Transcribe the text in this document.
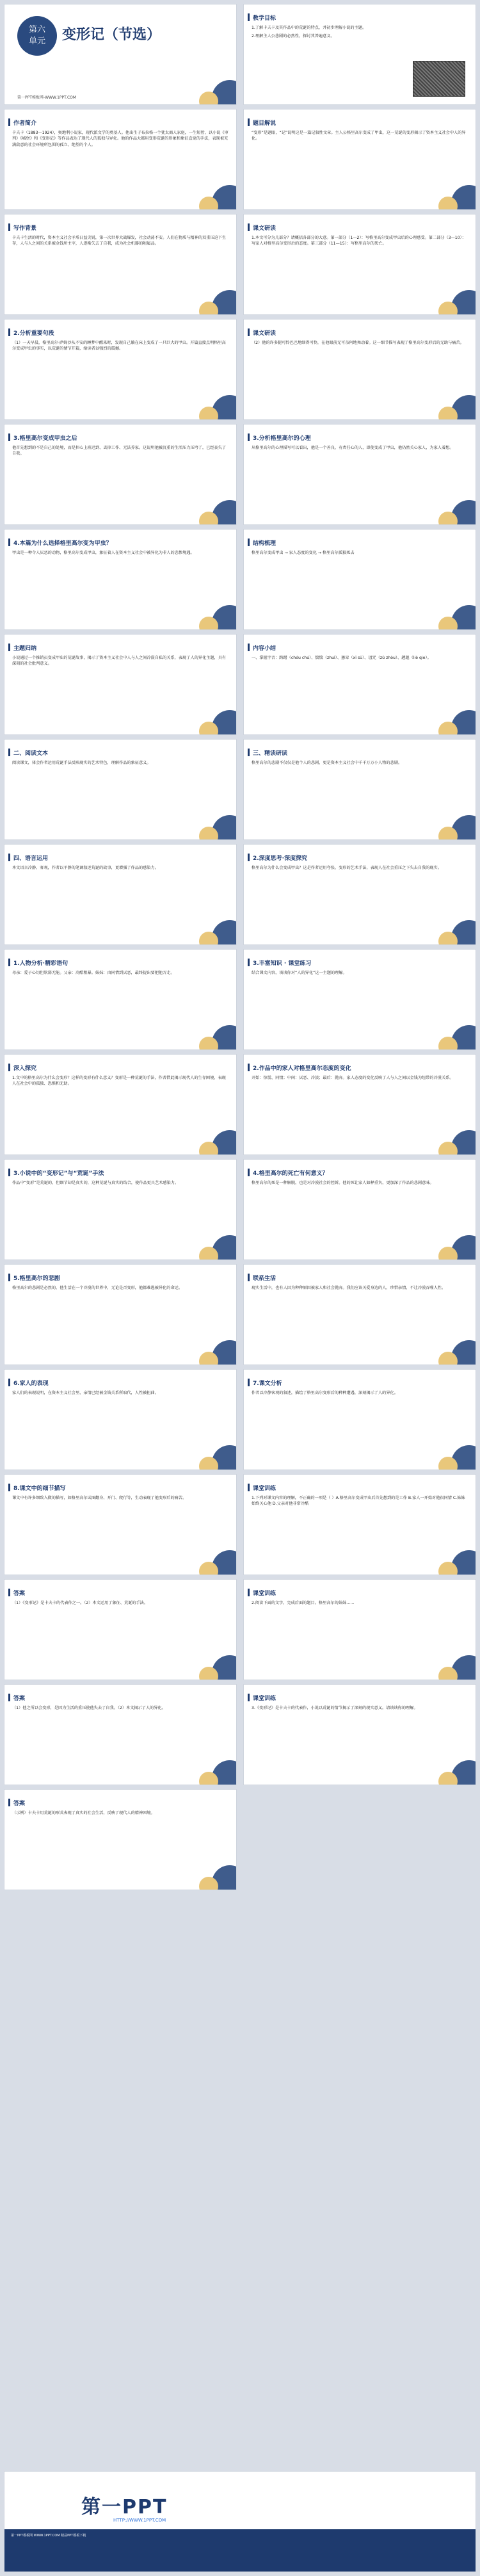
第六
单元	变形记（节选）
第一PPT模板网-WWW.1PPT.COM
教学目标

1.了解卡夫卡及其作品中的荒诞的特点，并初步理解小说的主题。

2.理解主人公悲剧的必然性，探讨其普遍意义。

作者简介

卡夫卡（1883—1924），奥地利小说家，现代派文学的奠基人。他出生于布拉格一个犹太商人家庭，一生短暂，以小说《审判》《城堡》和《变形记》等作品表达了现代人的孤独与异化。他的作品大都用变形荒诞的形象和象征直觉的手法，表现被充满敌意的社会环境所包围的孤立、绝望的个人。

题目解说

“变形”是题眼，“记”说明这是一篇记叙性文章。主人公格里高尔变成了甲虫，这一荒诞的变形揭示了资本主义社会中人的异化。

写作背景

卡夫卡生活的时代，资本主义社会矛盾日益尖锐，第一次世界大战爆发，社会动荡不安。人们在物质与精神的双重压迫下生存，人与人之间的关系被金钱所主宰，人逐渐失去了自我，成为社会机器的附属品。

课文研读

1.本文可分为几部分？请概括各部分的大意。第一部分（1—2）：写格里高尔变成甲虫后的心理感受。第二部分（3—10）：写家人对格里高尔变形后的态度。第三部分（11—15）：写格里高尔的死亡。

2.分析重要句段

（1）一天早晨，格里高尔·萨姆沙从不安的睡梦中醒来时，发现自己躺在床上变成了一只巨大的甲虫。开篇直接点明格里高尔变成甲虫的事实，以荒诞的情节开篇，给读者以强烈的震撼。

课文研读

（2）他的许多腿可怜巴巴地细得可怜，在他眼前无可奈何地舞动着。这一细节描写表现了格里高尔变形后的无助与痛苦。

3.格里高尔变成甲虫之后

他首先想到的不是自己的处境，而是担心上班迟到、丢掉工作、无法养家。这说明他被沉重的生活压力压垮了，已经丧失了自我。

3.分析格里高尔的心理

从格里高尔的心理描写可以看出，他是一个善良、有责任心的人，即使变成了甲虫，他仍然关心家人，为家人着想。

4.本篇为什么选择格里高尔变为甲虫？

甲虫是一种令人厌恶的动物，格里高尔变成甲虫，象征着人在资本主义社会中被异化为非人的悲惨境遇。

结构梳理

格里高尔变成甲虫 → 家人态度的变化 → 格里高尔孤独死去

主题归纳

小说通过一个推销员变成甲虫的荒诞故事，揭示了资本主义社会中人与人之间冷漠自私的关系，表现了人的异化主题，具有深刻的社会批判意义。

内容小结

一、掌握字音：踌躇（chóu chú）、惴惴（zhuì）、窸窣（xī sū）、诅咒（zǔ zhòu）、趔趄（liè qie）。

二、阅读文本

阅读课文，体会作者运用荒诞手法反映现实的艺术特色，理解作品的象征意义。

三、精读研读

格里高尔的悲剧不仅仅是他个人的悲剧，更是资本主义社会中千千万万小人物的悲剧。

四、语言运用

本文语言冷静、客观，作者以平静的笔调叙述荒诞的故事，更增强了作品的感染力。

2.深度思考·深度探究

格里高尔为什么会变成甲虫？这是作者运用夸张、变形的艺术手法，表现人在社会重压之下失去自我的现实。

1.人物分析·精彩语句

母亲：爱子心切但软弱无能。父亲：冷酷粗暴。妹妹：由同情到厌恶，最终提出要把他弄走。

3.丰富知识 · 课堂练习

结合课文内容，谈谈你对“人的异化”这一主题的理解。

深入探究

1.文中的格里高尔为什么会变形？这样的变形有什么意义？变形是一种荒诞的手法，作者借此揭示现代人的生存困境，表现人在社会中的孤独、恐惧和无助。

2.作品中的家人对格里高尔态度的变化

开始：惊慌、同情；中间：厌恶、冷淡；最后：抛弃。家人态度的变化反映了人与人之间以金钱为纽带的冷漠关系。

3.小说中的“变形记”与“荒诞”手法

作品中“变形”是荒诞的，但细节却是真实的，这种荒诞与真实的结合，使作品更具艺术感染力。

4.格里高尔的死亡有何意义？

格里高尔的死是一种解脱，也是对冷漠社会的控诉。他的死让家人如释重负，更加深了作品的悲剧意味。

5.格里高尔的悲剧

格里高尔的悲剧是必然的，他生活在一个冷漠的世界中，无论是否变形，他都难逃被异化的命运。

联系生活

现实生活中，也有人因为种种原因被家人和社会抛弃。我们应该关爱身边的人，珍惜亲情，不让冷漠吞噬人性。

6.家人的表现

家人们的表现说明，在资本主义社会里，亲情已经被金钱关系所取代，人性被扭曲。

7.课文分析

作者以冷静客观的叙述，描绘了格里高尔变形后的种种遭遇，深刻揭示了人的异化。

8.课文中的细节描写

课文中有许多细致入微的描写，如格里高尔试图翻身、开门、爬行等，生动表现了他变形后的痛苦。

课堂训练

1.下列对课文内容的理解，不正确的一项是（ ）A.格里高尔变成甲虫后首先想到的是工作 B.家人一开始对他很同情 C.妹妹始终关心他 D.父亲对他非常冷酷

答案

（1）《变形记》是卡夫卡的代表作之一。（2）本文运用了象征、荒诞的手法。

课堂训练

2.阅读下面的文字，完成后面的题目。格里高尔的妹妹……

答案

（1）他之所以会变形，是因为生活的重压使他失去了自我。（2）本文揭示了人的异化。

课堂训练

3.《变形记》是卡夫卡的代表作，小说以荒诞的情节揭示了深刻的现实意义。请谈谈你的理解。

答案

（示例）卡夫卡用荒诞的形式表现了真实的社会生活，反映了现代人的精神困境。

第一PPT
HTTP://WWW.1PPT.COM
第一PPT模板网 WWW.1PPT.COM 精品PPT模板下载
